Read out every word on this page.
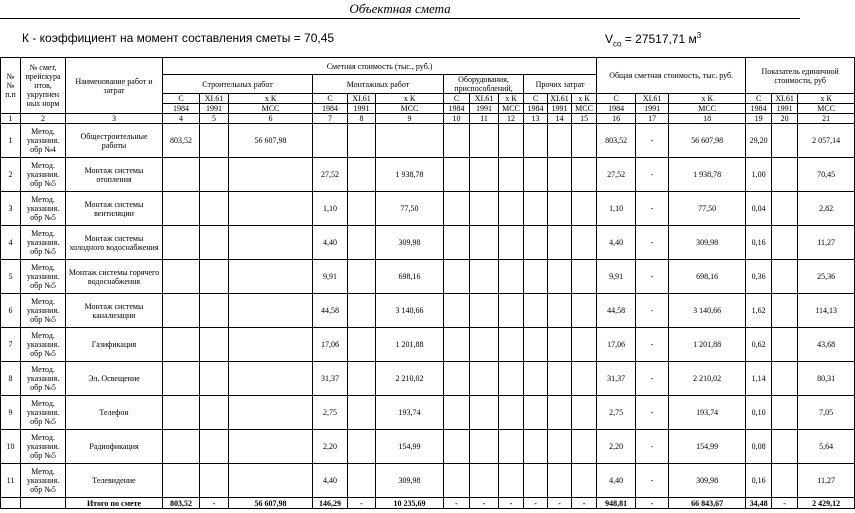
Объектная смета
К - коэффициент на момент составления сметы = 70,45	$V_{co} = 27517,71$ $м^3$
№ № п.п	№ смет, прейскура нтов, укрупнен ных норм	Наименование работ и затрат	Сметная стоимость (тыс., руб.)												Общая сметная стоимость, тыс. руб.			Показатель единичной стоимости, руб		
			Строительных работ			Монтажных работ			Оборудования, приспособлений,			Прочих затрат								
			С	XI.61	х К	С	XI.61	х К	С	XI.61	х К	С	XI.61	х К	С	XI.61	х К	С	XI.61	х К
			1984	1991	МСС	1984	1991	МСС	1984	1991	МСС	1984	1991	МСС	1984	1991	МСС	1984	1991	МСС
1	2	3	4	5	6	7	8	9	10	11	12	13	14	15	16	17	18	19	20	21
1	Метод. указания. обр №4	Общестроительные работы	803,52		56 607,98										803,52	-	56 607,98	29,20		2 057,14
2	Метод. указания. обр №5	Монтаж системы отопления				27,52		1 938,78							27,52	-	1 938,78	1,00		70,45
3	Метод. указания. обр №5	Монтаж системы вентиляции				1,10		77,50							1,10	-	77,50	0,04		2,82
4	Метод. указания. обр №5	Монтаж системы холодного водоснабжения				4,40		309,98							4,40	-	309,98	0,16		11,27
5	Метод. указания. обр №5	Монтаж системы горячего водоснабжения				9,91		698,16							9,91	-	698,16	0,36		25,36
6	Метод. указания. обр №5	Монтаж системы канализации				44,58		3 140,66							44,58	-	3 140,66	1,62		114,13
7	Метод. указания. обр №5	Газификация				17,06		1 201,88							17,06	-	1 201,88	0,62		43,68
8	Метод. указания. обр №5	Эл. Освещение				31,37		2 210,02							31,37	-	2 210,02	1,14		80,31
9	Метод. указания. обр №5	Телефон				2,75		193,74							2,75	-	193,74	0,10		7,05
10	Метод. указания. обр №5	Радиофикация				2,20		154,99							2,20	-	154,99	0,08		5,64
11	Метод. указания. обр №5	Телевидение				4,40		309,98							4,40	-	309,98	0,16		11,27
		Итого по смете	803,52	-	56 607,98	146,29	-	10 235,69	-	-	-	-	-	-	948,81	-	66 843,67	34,48	-	2 429,12
